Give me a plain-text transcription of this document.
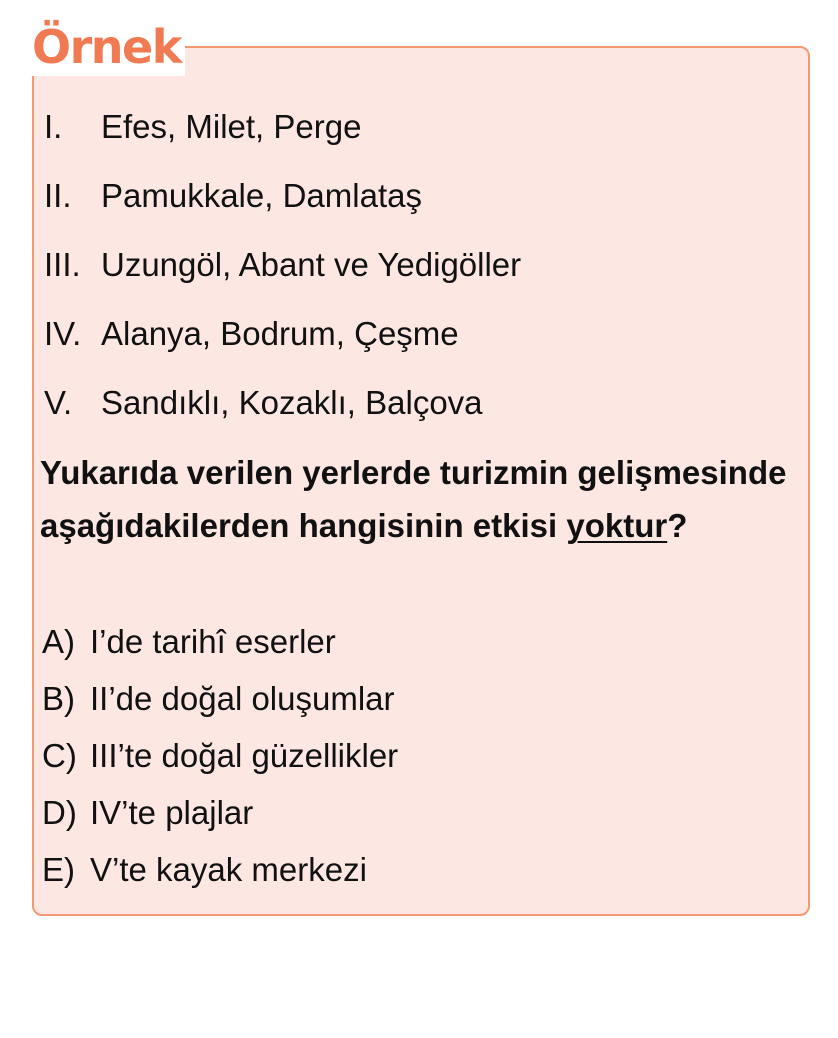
Örnek
I.	Efes, Milet, Perge
II. Pamukkale, Damlataş
III. Uzungöl, Abant ve Yedigöller
IV. Alanya, Bodrum, Çeşme
V. Sandıklı, Kozaklı, Balçova
Yukarıda verilen yerlerde turizmin gelişmesinde aşağıdakilerden hangisinin etkisi yoktur?
A) I’de tarihî eserler
B) II’de doğal oluşumlar
C) III’te doğal güzellikler
D) IV’te plajlar
E) V’te kayak merkezi
